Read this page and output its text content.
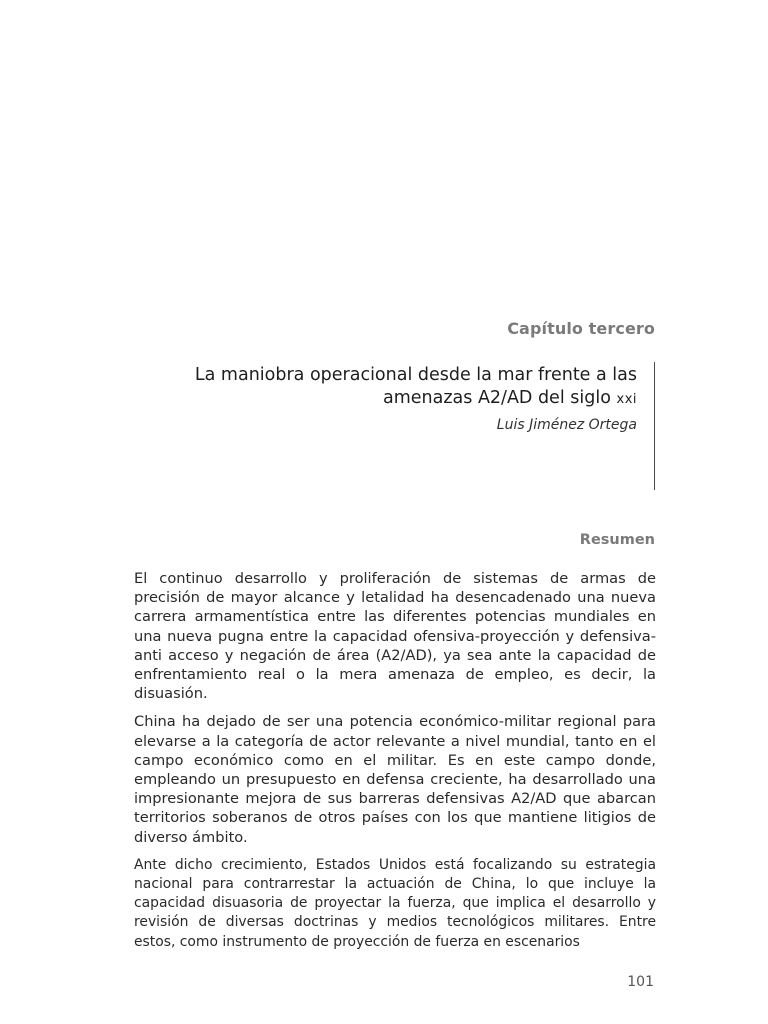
Capítulo tercero
La maniobra operacional desde la mar frente a las amenazas A2/AD del siglo xxi
Luis Jiménez Ortega
Resumen

El continuo desarrollo y proliferación de sistemas de armas de precisión de mayor alcance y letalidad ha desencadenado una nueva carrera armamentística entre las diferentes potencias mundiales en una nueva pugna entre la capacidad ofensiva-proyección y defensiva-anti acceso y negación de área (A2/AD), ya sea ante la capacidad de enfrentamiento real o la mera amenaza de empleo, es decir, la disuasión.

China ha dejado de ser una potencia económico-militar regional para elevarse a la categoría de actor relevante a nivel mundial, tanto en el campo económico como en el militar. Es en este campo donde, empleando un presupuesto en defensa creciente, ha desarrollado una impresionante mejora de sus barreras defensivas A2/AD que abarcan territorios soberanos de otros países con los que mantiene litigios de diverso ámbito.

Ante dicho crecimiento, Estados Unidos está focalizando su estrategia nacional para contrarrestar la actuación de China, lo que incluye la capacidad disuasoria de proyectar la fuerza, que implica el desarrollo y revisión de diversas doctrinas y medios tecnológicos militares. Entre estos, como instrumento de proyección de fuerza en escenarios

101
